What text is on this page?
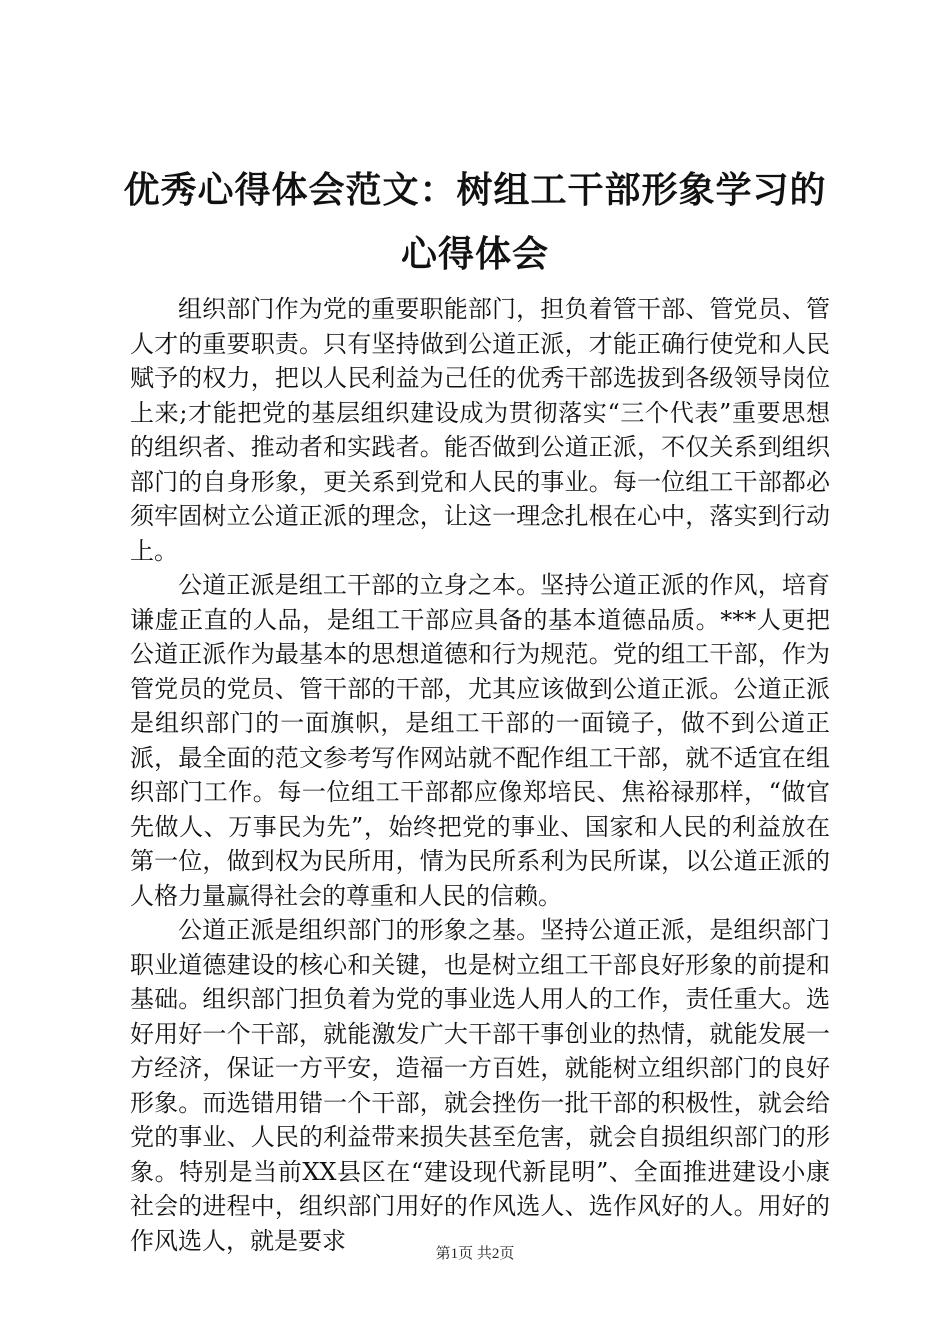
优秀心得体会范文：树组工干部形象学习的心得体会

组织部门作为党的重要职能部门，担负着管干部、管党员、管人才的重要职责。只有坚持做到公道正派，才能正确行使党和人民赋予的权力，把以人民利益为己任的优秀干部选拔到各级领导岗位上来;才能把党的基层组织建设成为贯彻落实“三个代表”重要思想的组织者、推动者和实践者。能否做到公道正派，不仅关系到组织部门的自身形象，更关系到党和人民的事业。每一位组工干部都必须牢固树立公道正派的理念，让这一理念扎根在心中，落实到行动上。

公道正派是组工干部的立身之本。坚持公道正派的作风，培育谦虚正直的人品，是组工干部应具备的基本道德品质。***人更把公道正派作为最基本的思想道德和行为规范。党的组工干部，作为管党员的党员、管干部的干部，尤其应该做到公道正派。公道正派是组织部门的一面旗帜，是组工干部的一面镜子，做不到公道正派，最全面的范文参考写作网站就不配作组工干部，就不适宜在组织部门工作。每一位组工干部都应像郑培民、焦裕禄那样，“做官先做人、万事民为先”，始终把党的事业、国家和人民的利益放在第一位，做到权为民所用，情为民所系利为民所谋，以公道正派的人格力量赢得社会的尊重和人民的信赖。

公道正派是组织部门的形象之基。坚持公道正派，是组织部门职业道德建设的核心和关键，也是树立组工干部良好形象的前提和基础。组织部门担负着为党的事业选人用人的工作，责任重大。选好用好一个干部，就能激发广大干部干事创业的热情，就能发展一方经济，保证一方平安，造福一方百姓，就能树立组织部门的良好形象。而选错用错一个干部，就会挫伤一批干部的积极性，就会给党的事业、人民的利益带来损失甚至危害，就会自损组织部门的形象。特别是当前XX县区在“建设现代新昆明”、全面推进建设小康社会的进程中，组织部门用好的作风选人、选作风好的人。用好的作风选人，就是要求	第1页 共2页
